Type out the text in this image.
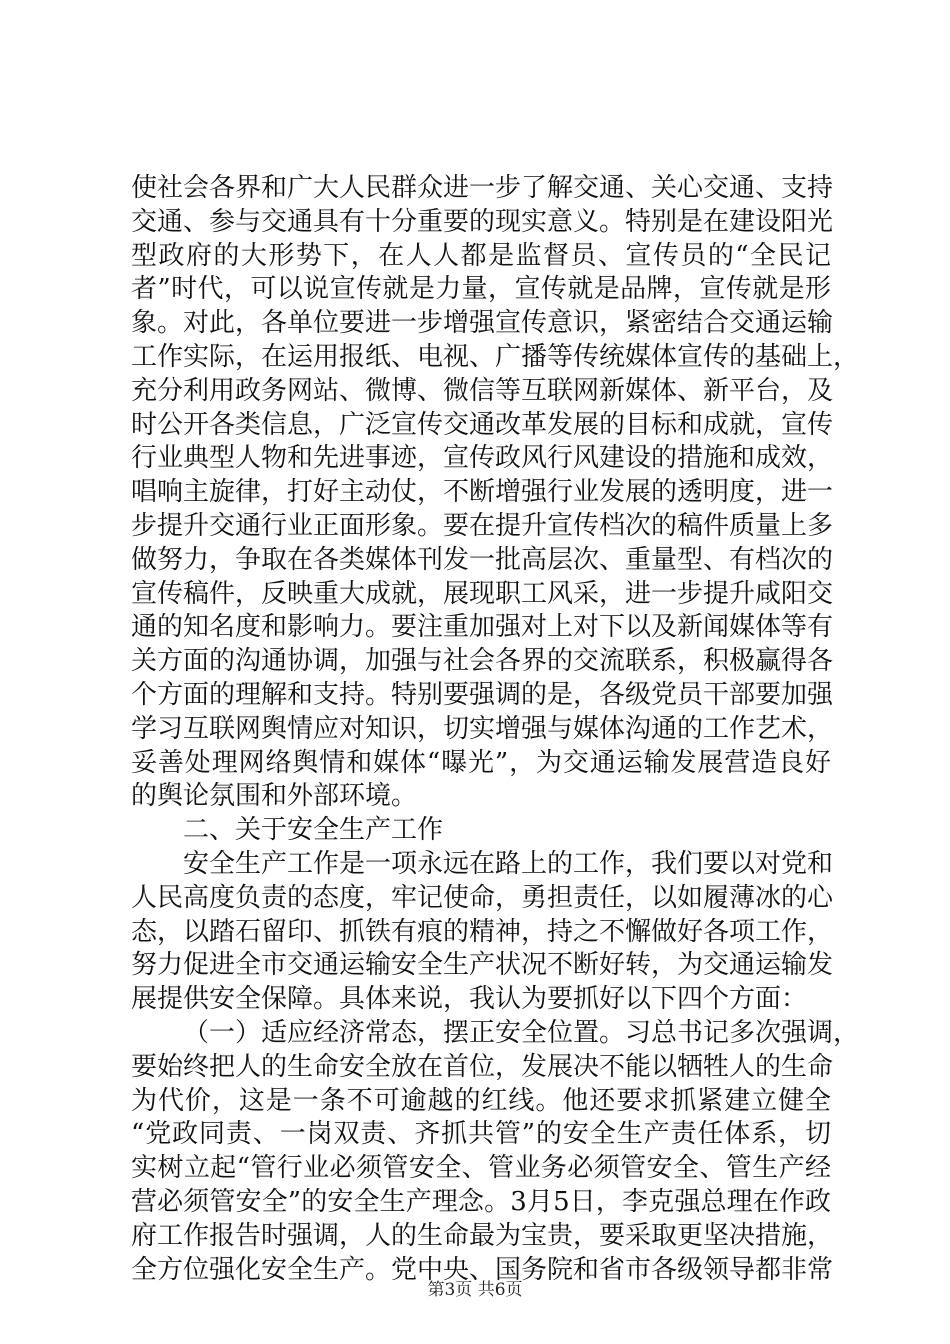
使社会各界和广大人民群众进一步了解交通、关心交通、支持
交通、参与交通具有十分重要的现实意义。特别是在建设阳光
型政府的大形势下，在人人都是监督员、宣传员的“全民记
者”时代，可以说宣传就是力量，宣传就是品牌，宣传就是形
象。对此，各单位要进一步增强宣传意识，紧密结合交通运输
工作实际，在运用报纸、电视、广播等传统媒体宣传的基础上，
充分利用政务网站、微博、微信等互联网新媒体、新平台，及
时公开各类信息，广泛宣传交通改革发展的目标和成就，宣传
行业典型人物和先进事迹，宣传政风行风建设的措施和成效，
唱响主旋律，打好主动仗，不断增强行业发展的透明度，进一
步提升交通行业正面形象。要在提升宣传档次的稿件质量上多
做努力，争取在各类媒体刊发一批高层次、重量型、有档次的
宣传稿件，反映重大成就，展现职工风采，进一步提升咸阳交
通的知名度和影响力。要注重加强对上对下以及新闻媒体等有
关方面的沟通协调，加强与社会各界的交流联系，积极赢得各
个方面的理解和支持。特别要强调的是，各级党员干部要加强
学习互联网舆情应对知识，切实增强与媒体沟通的工作艺术，
妥善处理网络舆情和媒体“曝光”，为交通运输发展营造良好
的舆论氛围和外部环境。
二、关于安全生产工作
安全生产工作是一项永远在路上的工作，我们要以对党和
人民高度负责的态度，牢记使命，勇担责任，以如履薄冰的心
态，以踏石留印、抓铁有痕的精神，持之不懈做好各项工作，
努力促进全市交通运输安全生产状况不断好转，为交通运输发
展提供安全保障。具体来说，我认为要抓好以下四个方面：
（一）适应经济常态，摆正安全位置。习总书记多次强调，
要始终把人的生命安全放在首位，发展决不能以牺牲人的生命
为代价，这是一条不可逾越的红线。他还要求抓紧建立健全
“党政同责、一岗双责、齐抓共管”的安全生产责任体系，切
实树立起“管行业必须管安全、管业务必须管安全、管生产经
营必须管安全”的安全生产理念。3月5日，李克强总理在作政
府工作报告时强调，人的生命最为宝贵，要采取更坚决措施，
全方位强化安全生产。党中央、国务院和省市各级领导都非常
第3页 共6页
